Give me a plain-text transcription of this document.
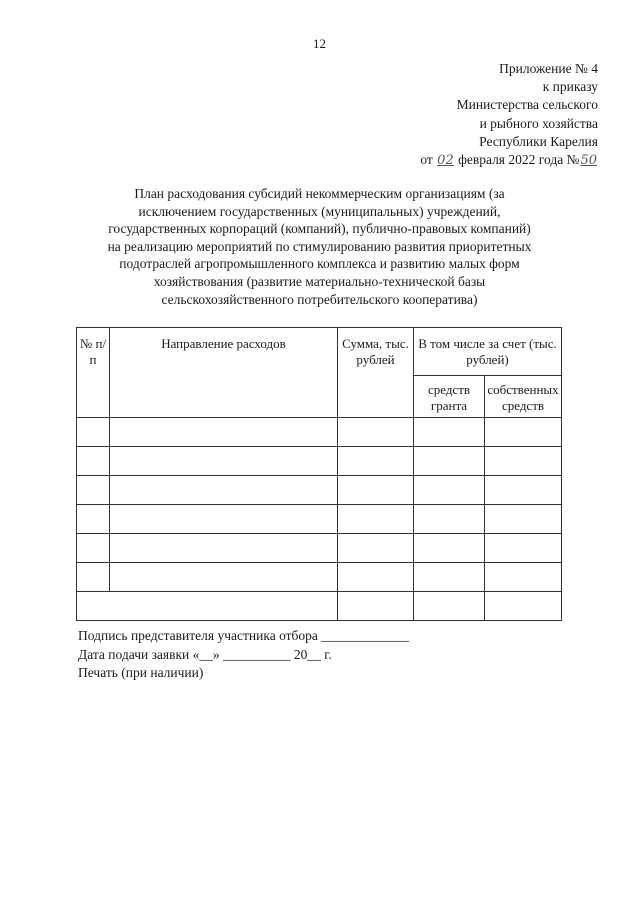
12
Приложение № 4
к приказу
Министерства сельского
и рыбного хозяйства
Республики Карелия
от 02 февраля 2022 года №50
План расходования субсидий некоммерческим организациям (за
исключением государственных (муниципальных) учреждений,
государственных корпораций (компаний), публично-правовых компаний)
на реализацию мероприятий по стимулированию развития приоритетных
подотраслей агропромышленного комплекса и развитию малых форм
хозяйствования (развитие материально-технической базы
сельскохозяйственного потребительского кооператива)
№ п/п	Направление расходов	Сумма, тыс. рублей	В том числе за счет (тыс. рублей)	
			средств гранта	собственных средств

Подпись представителя участника отбора _____________
Дата подачи заявки «__» __________ 20__ г.
Печать (при наличии)
